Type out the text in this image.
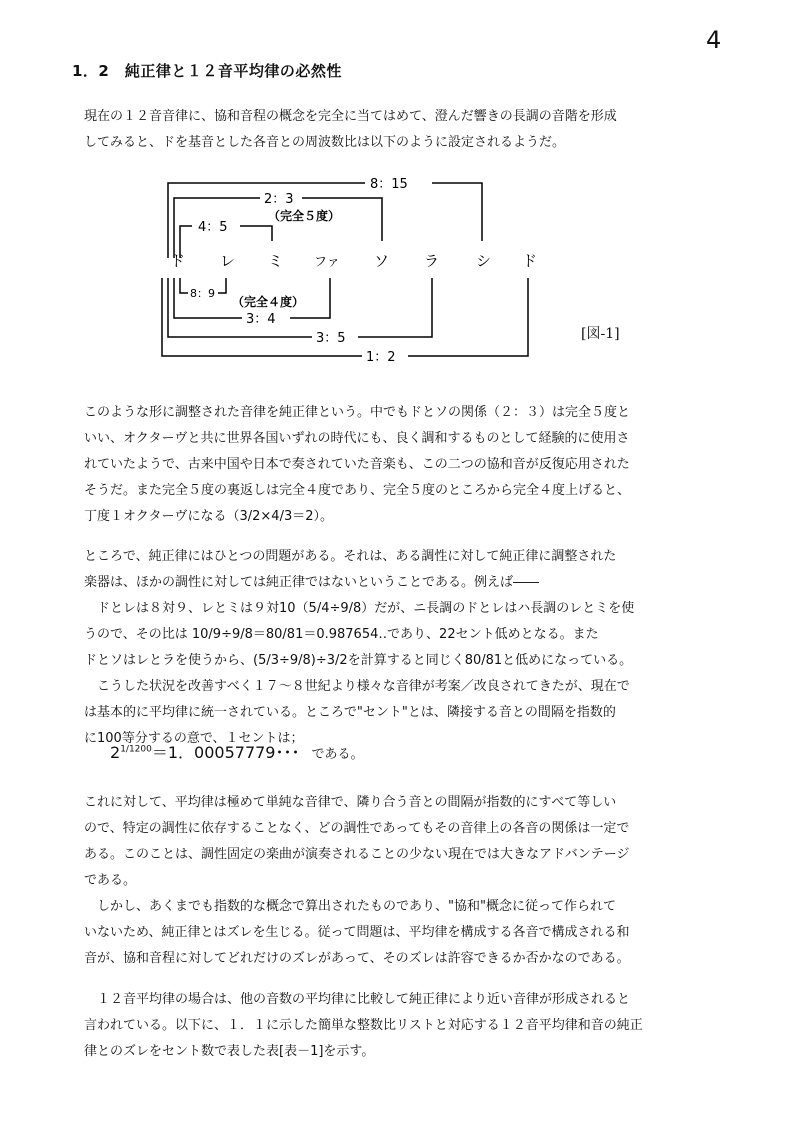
4
1．2　純正律と１２音平均律の必然性
現在の１２音音律に、協和音程の概念を完全に当てはめて、澄んだ響きの長調の音階を形成
してみると、ドを基音とした各音との周波数比は以下のように設定されるようだ。
8：15
2：3
（完全５度）
4：5
8：9
（完全４度）
3：4
3：5
1：2
ド レ ミ ファ ソ ラ シ ド
[図-1]
このような形に調整された音律を純正律という。中でもドとソの関係（２：３）は完全５度と
いい、オクターヴと共に世界各国いずれの時代にも、良く調和するものとして経験的に使用さ
れていたようで、古来中国や日本で奏されていた音楽も、この二つの協和音が反復応用された
そうだ。また完全５度の裏返しは完全４度であり、完全５度のところから完全４度上げると、
丁度１オクターヴになる（3/2×4/3＝2）。
ところで、純正律にはひとつの問題がある。それは、ある調性に対して純正律に調整された
楽器は、ほかの調性に対しては純正律ではないということである。例えば――
　ドとレは８対９、レとミは９対10（5/4÷9/8）だが、ニ長調のドとレはハ長調のレとミを使
うので、その比は 10/9÷9/8＝80/81＝0.987654‥であり、22セント低めとなる。また
ドとソはレとラを使うから、(5/3÷9/8)÷3/2を計算すると同じく80/81と低めになっている。
　こうした状況を改善すべく１７～８世紀より様々な音律が考案／改良されてきたが、現在で
は基本的に平均律に統一されている。ところで"セント"とは、隣接する音との間隔を指数的
に100等分するの意で、１セントは；
$2^{1/1200}=1$．00057779･･･ である。
これに対して、平均律は極めて単純な音律で、隣り合う音との間隔が指数的にすべて等しい
ので、特定の調性に依存することなく、どの調性であってもその音律上の各音の関係は一定で
ある。このことは、調性固定の楽曲が演奏されることの少ない現在では大きなアドバンテージ
である。
　しかし、あくまでも指数的な概念で算出されたものであり、"協和"概念に従って作られて
いないため、純正律とはズレを生じる。従って問題は、平均律を構成する各音で構成される和
音が、協和音程に対してどれだけのズレがあって、そのズレは許容できるか否かなのである。
　１２音平均律の場合は、他の音数の平均律に比較して純正律により近い音律が形成されると
言われている。以下に、１．１に示した簡単な整数比リストと対応する１２音平均律和音の純正
律とのズレをセント数で表した表[表－1]を示す。
